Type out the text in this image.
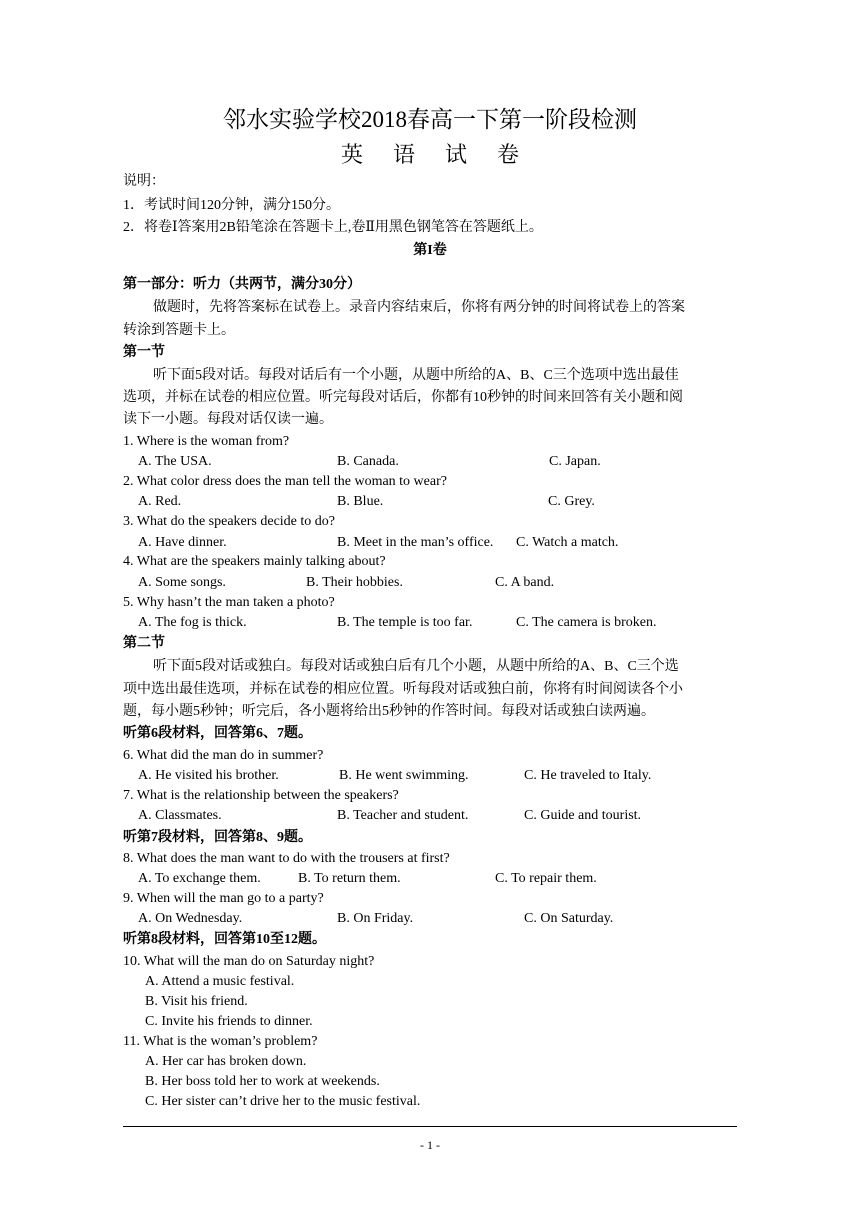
邻水实验学校2018春高一下第一阶段检测
英语试卷
说明：
1．考试时间120分钟，满分150分。
2．将卷Ⅰ答案用2B铅笔涂在答题卡上,卷Ⅱ用黑色钢笔答在答题纸上。
第I卷
第一部分：听力（共两节，满分30分）
做题时，先将答案标在试卷上。录音内容结束后，你将有两分钟的时间将试卷上的答案
转涂到答题卡上。
第一节
听下面5段对话。每段对话后有一个小题，从题中所给的A、B、C三个选项中选出最佳
选项，并标在试卷的相应位置。听完每段对话后，你都有10秒钟的时间来回答有关小题和阅
读下一小题。每段对话仅读一遍。
1. Where is the woman from?
A. The USA.	B. Canada.	C. Japan.
2. What color dress does the man tell the woman to wear?
A. Red.	B. Blue.	C. Grey.
3. What do the speakers decide to do?
A. Have dinner.	B. Meet in the man’s office. C. Watch a match.
4. What are the speakers mainly talking about?
A. Some songs.	B. Their hobbies.	C. A band.
5. Why hasn’t the man taken a photo?
A. The fog is thick.	B. The temple is too far.	C. The camera is broken.
第二节
听下面5段对话或独白。每段对话或独白后有几个小题，从题中所给的A、B、C三个选
项中选出最佳选项，并标在试卷的相应位置。听每段对话或独白前，你将有时间阅读各个小
题，每小题5秒钟；听完后，各小题将给出5秒钟的作答时间。每段对话或独白读两遍。
听第6段材料，回答第6、7题。
6. What did the man do in summer?
A. He visited his brother.	B. He went swimming.	C. He traveled to Italy.
7. What is the relationship between the speakers?
A. Classmates.	B. Teacher and student.	C. Guide and tourist.
听第7段材料，回答第8、9题。
8. What does the man want to do with the trousers at first?
A. To exchange them.	B. To return them.	C. To repair them.
9. When will the man go to a party?
A. On Wednesday.	B. On Friday.	C. On Saturday.
听第8段材料，回答第10至12题。
10. What will the man do on Saturday night?
A. Attend a music festival.
B. Visit his friend.
C. Invite his friends to dinner.
11. What is the woman’s problem?
A. Her car has broken down.
B. Her boss told her to work at weekends.
C. Her sister can’t drive her to the music festival.
- 1 -
